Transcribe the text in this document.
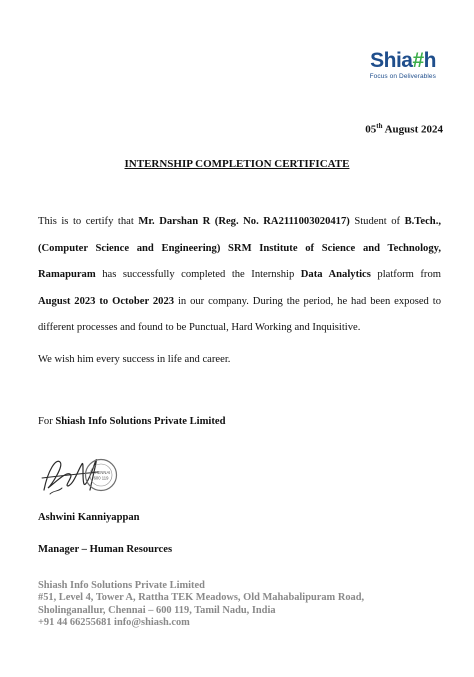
Shia#h
Focus on Deliverables
05th August 2024
INTERNSHIP COMPLETION CERTIFICATE
This is to certify that Mr. Darshan R (Reg. No. RA2111003020417) Student of B.Tech., (Computer Science and Engineering) SRM Institute of Science and Technology, Ramapuram has successfully completed the Internship Data Analytics platform from August 2023 to October 2023 in our company. During the period, he had been exposed to different processes and found to be Punctual, Hard Working and Inquisitive.
We wish him every success in life and career.
For Shiash Info Solutions Private Limited
CHENNAI
600 119
Ashwini Kanniyappan
Manager – Human Resources
Shiash Info Solutions Private Limited
#51, Level 4, Tower A, Rattha TEK Meadows, Old Mahabalipuram Road,
Sholinganallur, Chennai – 600 119, Tamil Nadu, India
+91 44 66255681 info@shiash.com
